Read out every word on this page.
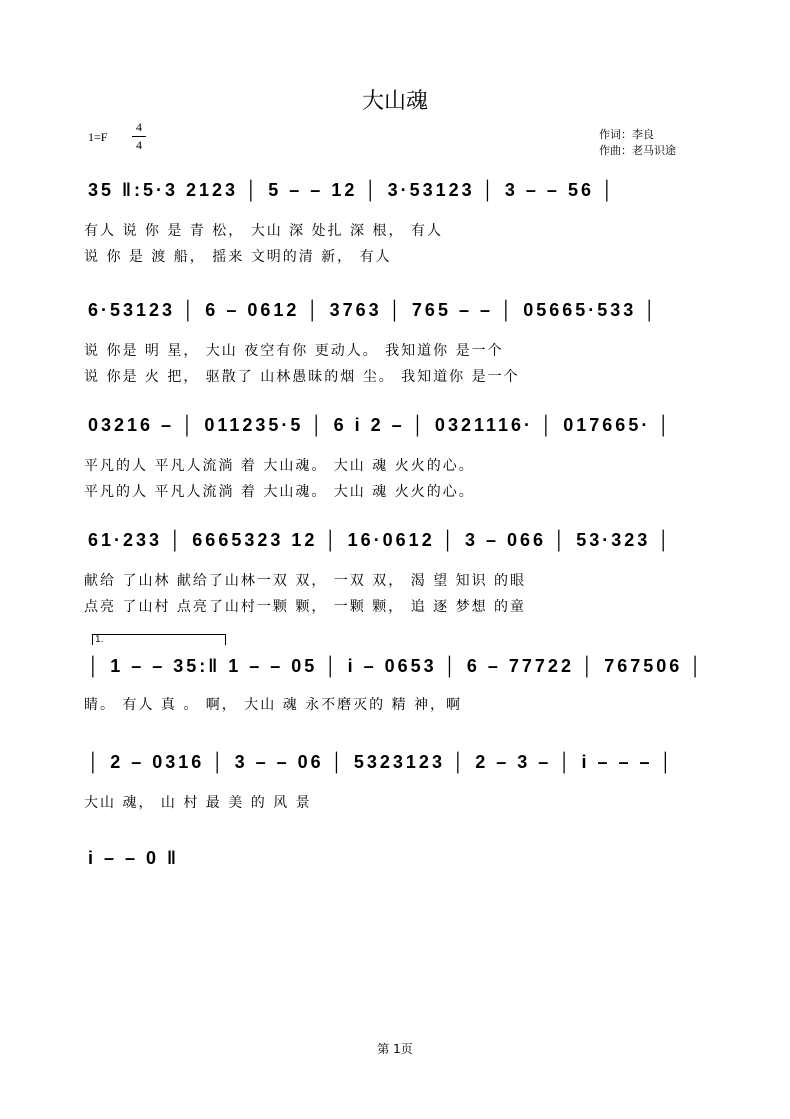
大山魂
1=F
4
4
作词：李良
作曲：老马识途
35 ‖:5·3 2123 │ 5 – – 12 │ 3·53123 │ 3 – – 56 │
有人 说 你 是 青 松， 大山 深 处扎 深 根， 有人
说 你 是 渡 船， 摇来 文明的清 新， 有人
6·53123 │ 6 – 0612 │ 3763 │ 765 – – │ 05665·533 │
说 你是 明 星， 大山 夜空有你 更动人。 我知道你 是一个
说 你是 火 把， 驱散了 山林愚昧的烟 尘。 我知道你 是一个
03216 – │ 011235·5 │ 6 i 2 – │ 0321116· │ 017665· │
平凡的人 平凡人流淌 着 大山魂。 大山 魂 火火的心。
平凡的人 平凡人流淌 着 大山魂。 大山 魂 火火的心。
61·233 │ 6665323 12 │ 16·0612 │ 3 – 066 │ 53·323 │
献给 了山林 献给了山林一双 双， 一双 双， 渴 望 知识 的眼
点亮 了山村 点亮了山村一颗 颗， 一颗 颗， 追 逐 梦想 的童
1.
│ 1 – – 35:‖ 1 – – 05 │ i – 0653 │ 6 – 77722 │ 767506 │
睛。 有人 真 。 啊， 大山 魂 永不磨灭的 精 神，啊
│ 2 – 0316 │ 3 – – 06 │ 5323123 │ 2 – 3 – │ i – – – │
大山 魂， 山 村 最 美 的 风 景
i – – 0 ‖
第 1页
